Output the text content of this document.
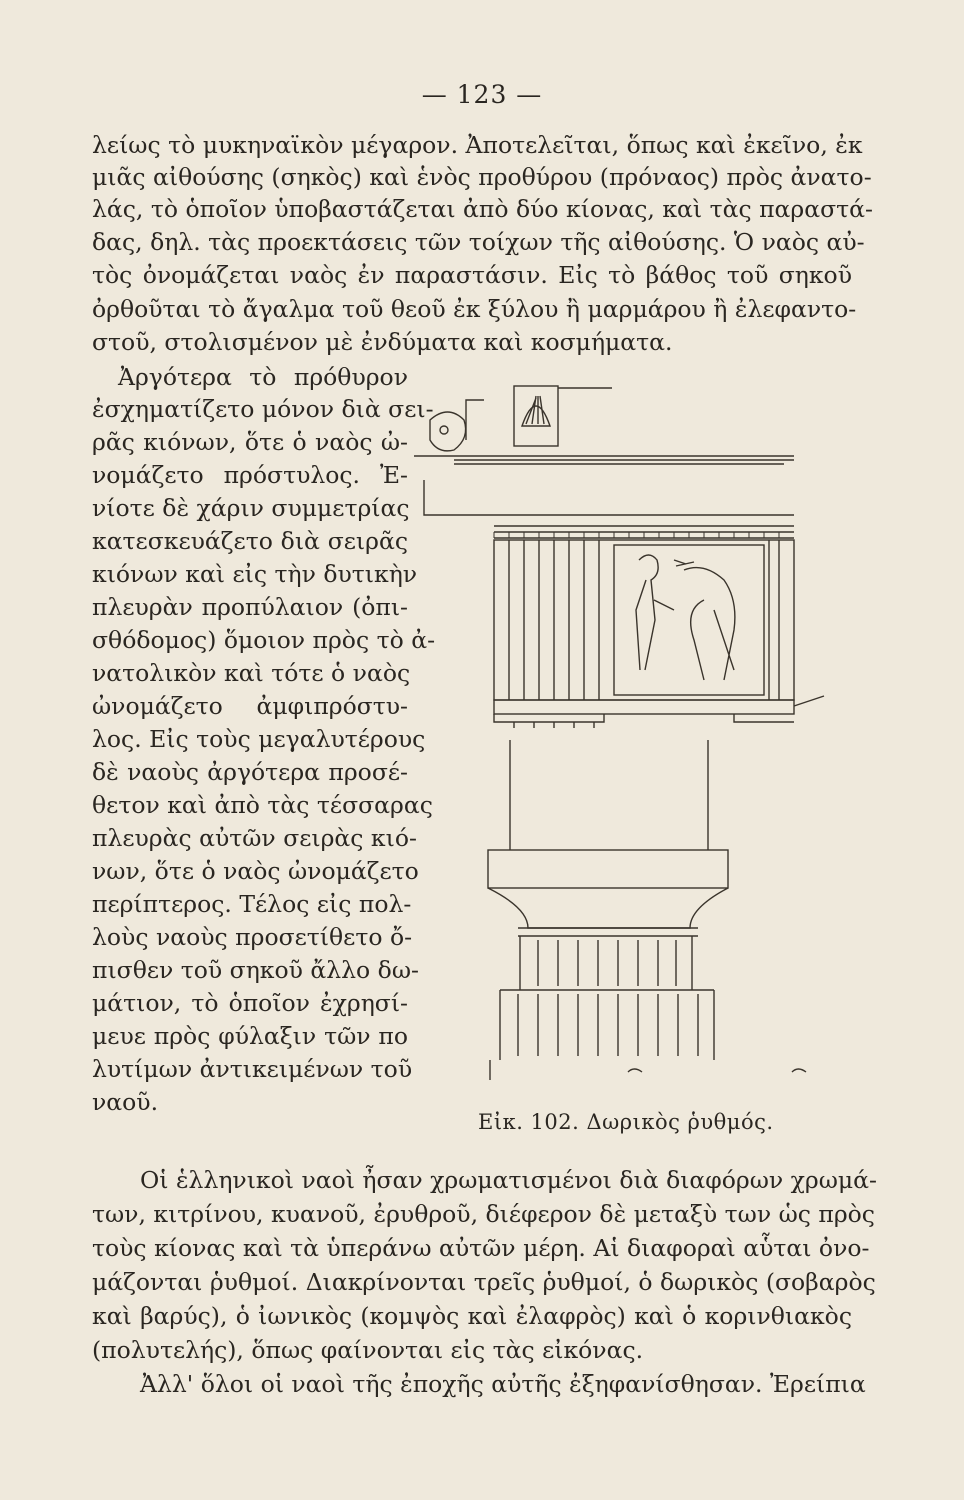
— 123 —
λείως τὸ μυκηναϊκὸν μέγαρον. Ἀποτελεῖται, ὅπως καὶ ἐκεῖνο, ἐκ
μιᾶς αἰθούσης (σηκὸς) καὶ ἑνὸς προθύρου (πρόναος) πρὸς ἀνατο-
λάς, τὸ ὁποῖον ὑποβαστάζεται ἀπὸ δύο κίονας, καὶ τὰς παραστά-
δας, δηλ. τὰς προεκτάσεις τῶν τοίχων τῆς αἰθούσης. Ὁ ναὸς αὐ-
τὸς ὀνομάζεται ναὸς ἐν παραστάσιν. Εἰς τὸ βάθος τοῦ σηκοῦ
ὀρθοῦται τὸ ἄγαλμα τοῦ θεοῦ ἐκ ξύλου ἢ μαρμάρου ἢ ἐλεφαντο-
στοῦ, στολισμένον μὲ ἐνδύματα καὶ κοσμήματα.
Ἀργότερα τὸ πρόθυρον
ἐσχηματίζετο μόνον διὰ σει-
ρᾶς κιόνων, ὅτε ὁ ναὸς ὠ-
νομάζετο πρόστυλος. Ἐ-
νίοτε δὲ χάριν συμμετρίας
κατεσκευάζετο διὰ σειρᾶς
κιόνων καὶ εἰς τὴν δυτικὴν
πλευρὰν προπύλαιον (ὀπι-
σθόδομος) ὅμοιον πρὸς τὸ ἀ-
νατολικὸν καὶ τότε ὁ ναὸς
ὠνομάζετο ἀμφιπρόστυ-
λος. Εἰς τοὺς μεγαλυτέρους
δὲ ναοὺς ἀργότερα προσέ-
θετον καὶ ἀπὸ τὰς τέσσαρας
πλευρὰς αὐτῶν σειρὰς κιό-
νων, ὅτε ὁ ναὸς ὠνομάζετο
περίπτερος. Τέλος εἰς πολ-
λοὺς ναοὺς προσετίθετο ὄ-
πισθεν τοῦ σηκοῦ ἄλλο δω-
μάτιον, τὸ ὁποῖον ἐχρησί-
μευε πρὸς φύλαξιν τῶν πο
λυτίμων ἀντικειμένων τοῦ
ναοῦ.
Εἰκ. 102. Δωρικὸς ῥυθμός.
Οἱ ἑλληνικοὶ ναοὶ ἦσαν χρωματισμένοι διὰ διαφόρων χρωμά-
των, κιτρίνου, κυανοῦ, ἐρυθροῦ, διέφερον δὲ μεταξὺ των ὡς πρὸς
τοὺς κίονας καὶ τὰ ὑπεράνω αὐτῶν μέρη. Αἱ διαφοραὶ αὗται ὀνο-
μάζονται ῥυθμοί. Διακρίνονται τρεῖς ῥυθμοί, ὁ δωρικὸς (σοβαρὸς
καὶ βαρύς), ὁ ἰωνικὸς (κομψὸς καὶ ἐλαφρὸς) καὶ ὁ κορινθιακὸς
(πολυτελής), ὅπως φαίνονται εἰς τὰς εἰκόνας.
Ἀλλ' ὅλοι οἱ ναοὶ τῆς ἐποχῆς αὐτῆς ἐξηφανίσθησαν. Ἐρείπια
